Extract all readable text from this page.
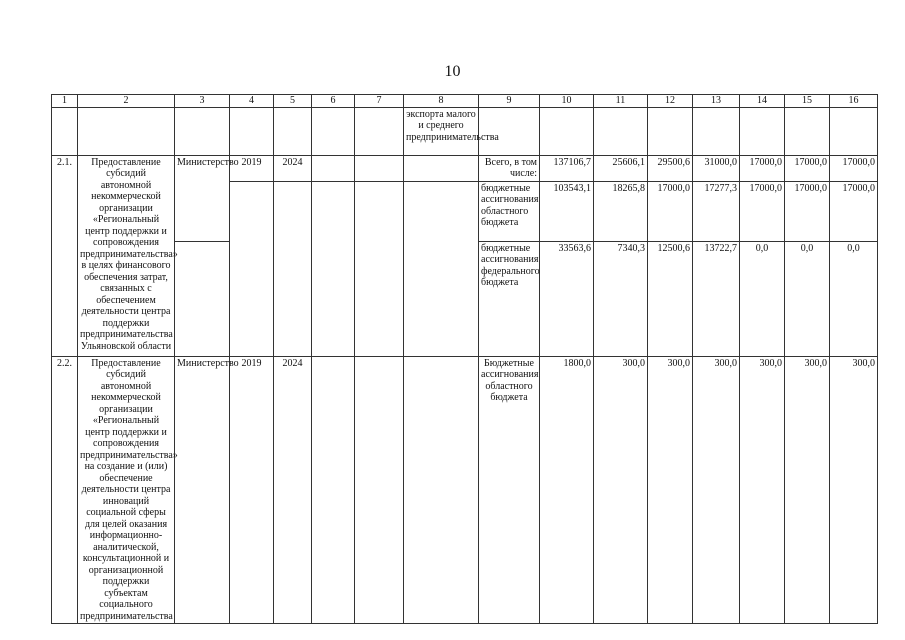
10
1	2	3	4	5	6	7	8	9	10	11	12	13	14	15	16
							экспорта малого и среднего предпринимательства								
2.1.	Предоставление субсидий автономной некоммерческой организации «Региональный центр поддержки и сопровождения предпринимательства» в целях финансового обеспечения затрат, связанных с обеспечением деятельности центра поддержки предпринимательства Ульяновской области	Министерство	2019	2024				Всего, в том числе:	137106,7	25606,1	29500,6	31000,0	17000,0	17000,0	17000,0
								бюджетные ассигнования областного бюджета	103543,1	18265,8	17000,0	17277,3	17000,0	17000,0	17000,0
								бюджетные ассигнования федерального бюджета	33563,6	7340,3	12500,6	13722,7	0,0	0,0	0,0
2.2.	Предоставление субсидий автономной некоммерческой организации «Региональный центр поддержки и сопровождения предпринимательства» на создание и (или) обеспечение деятельности центра инноваций социальной сферы для целей оказания информационно-аналитической, консультационной и организационной поддержки субъектам социального предпринимательства	Министерство	2019	2024				Бюджетные ассигнования областного бюджета	1800,0	300,0	300,0	300,0	300,0	300,0	300,0
